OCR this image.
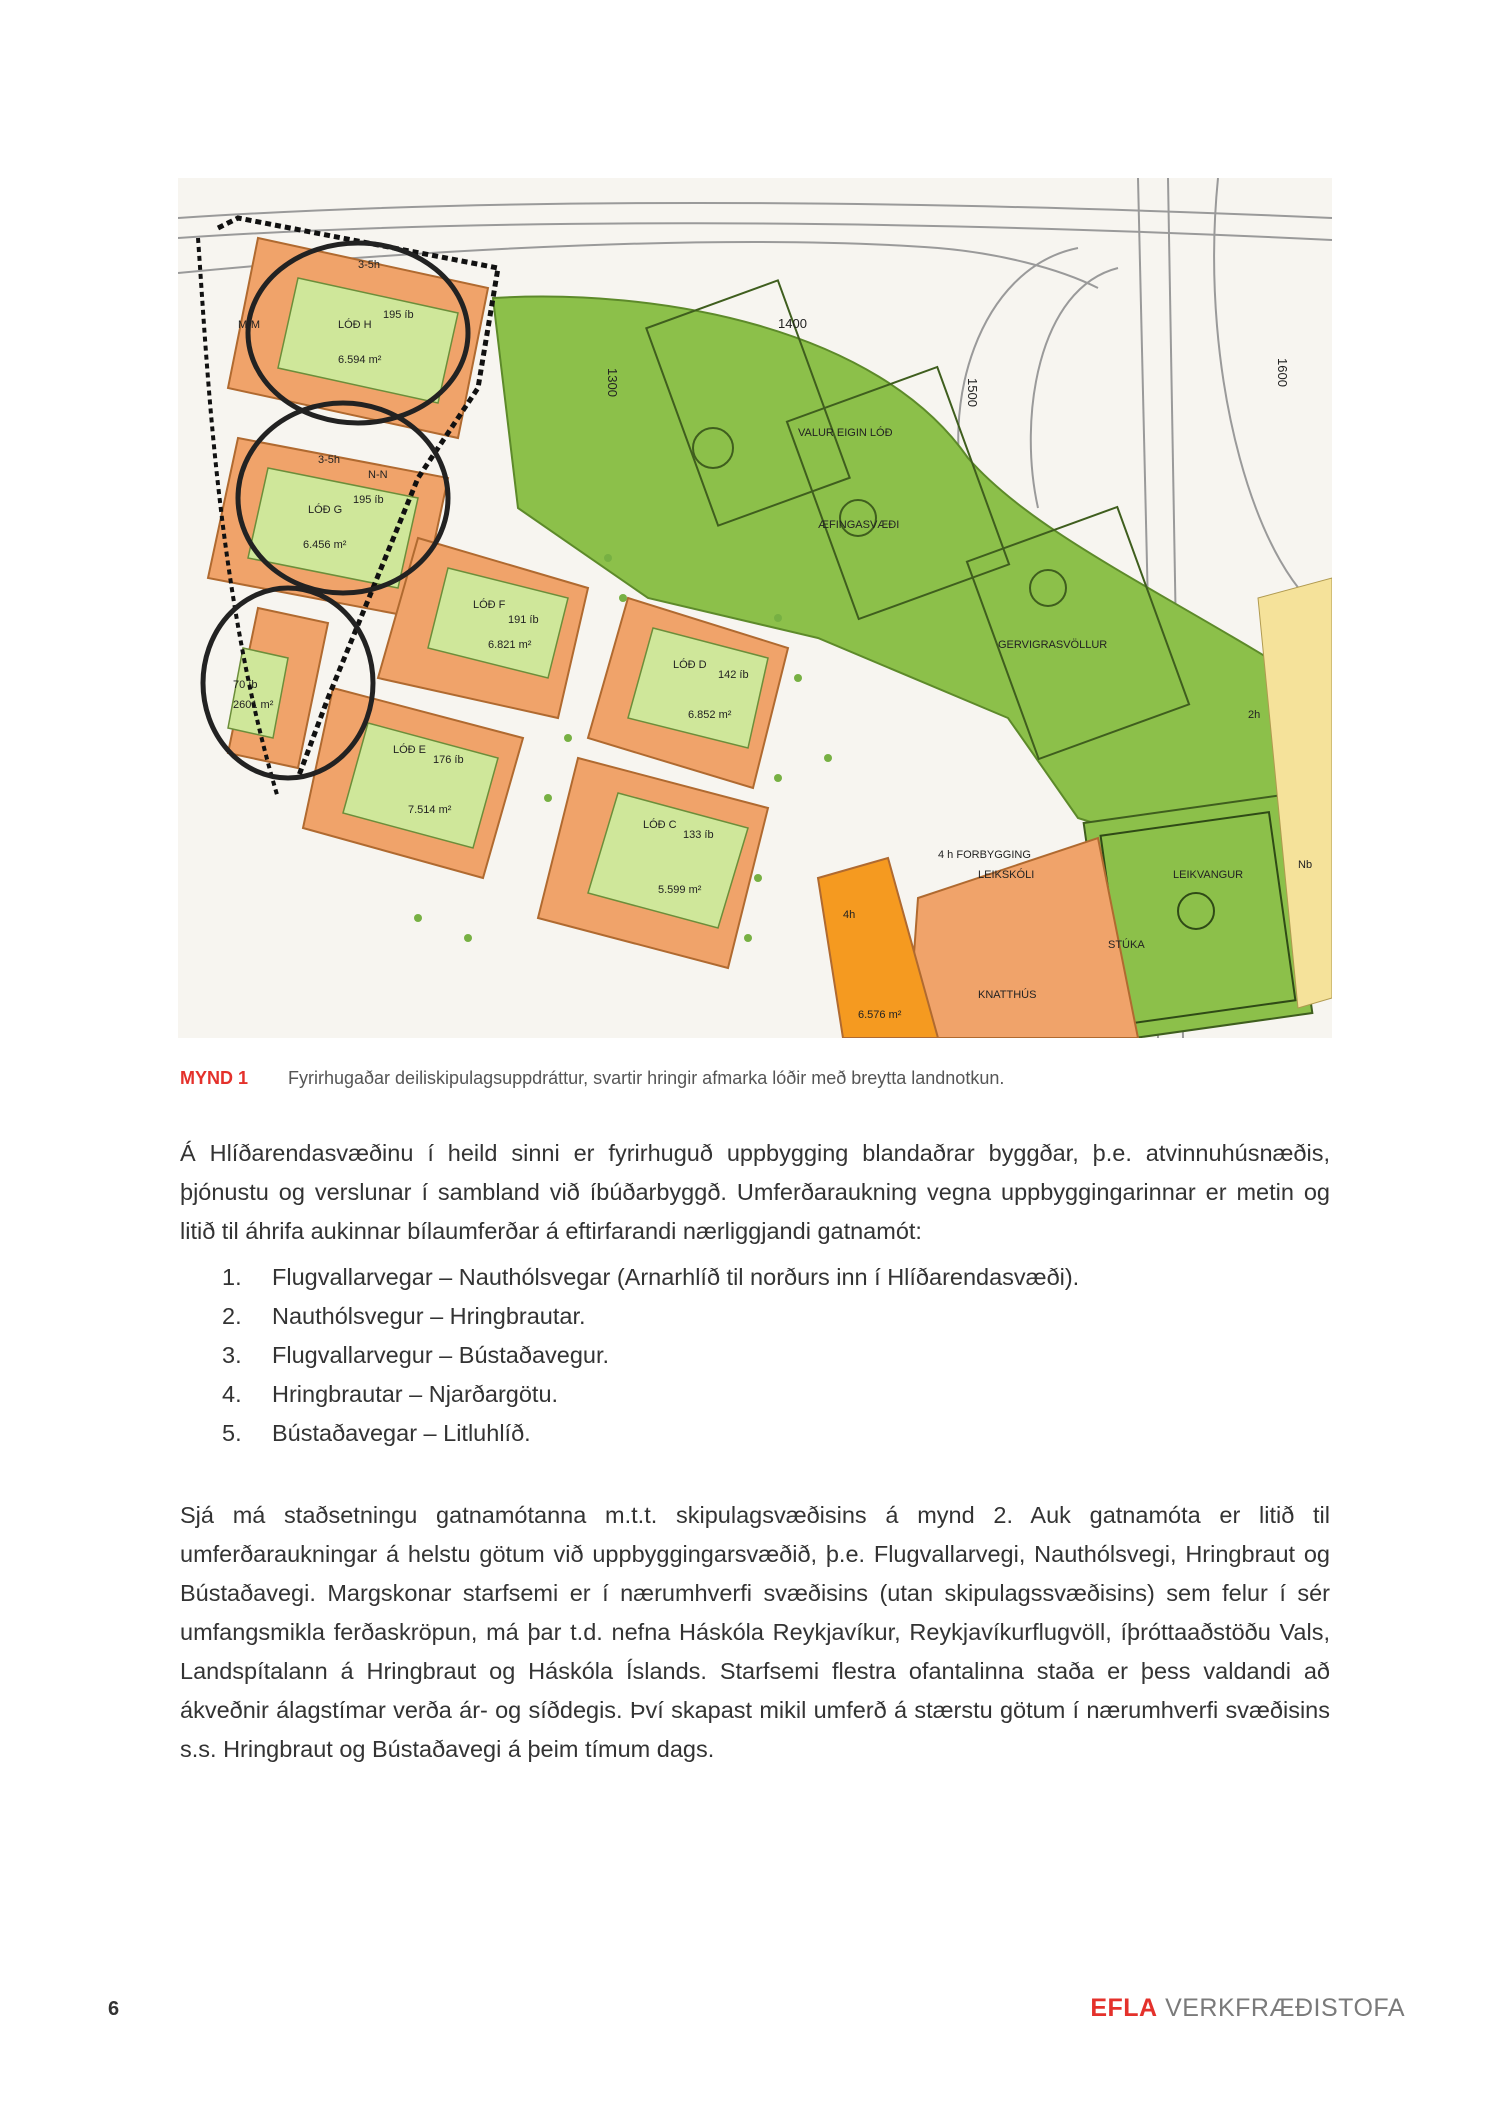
LÓÐ H
195 íb
3-5h
6.594 m²
LÓÐ G
195 íb
3-5h
6.456 m²
LÓÐ F
191 íb
6.821 m²
LÓÐ D
142 íb
6.852 m²
LÓÐ E
176 íb
7.514 m²
LÓÐ C
133 íb
5.599 m²
70 íb
2601 m²
1500
1400
1300	1600
VALUR EIGIN LÓÐ
ÆFINGASVÆÐI
GERVIGRASVÖLLUR
LEIKVANGUR
LEIKSKÓLI
4 h FORBYGGING
STÚKA
KNATTHÚS
4h
2h
Nb
6.576 m²
M-M
N-N
MYND 1 Fyrirhugaðar deiliskipulagsuppdráttur, svartir hringir afmarka lóðir með breytta landnotkun.

Á Hlíðarendasvæðinu í heild sinni er fyrirhuguð uppbygging blandaðrar byggðar, þ.e. atvinnuhúsnæðis, þjónustu og verslunar í sambland við íbúðarbyggð. Umferðaraukning vegna uppbyggingarinnar er metin og litið til áhrifa aukinnar bílaumferðar á eftirfarandi nærliggjandi gatnamót:

1. Flugvallarvegar – Nauthólsvegar (Arnarhlíð til norðurs inn í Hlíðarendasvæði).
2. Nauthólsvegur – Hringbrautar.
3. Flugvallarvegur – Bústaðavegur.
4. Hringbrautar – Njarðargötu.
5. Bústaðavegar – Litluhlíð.

Sjá má staðsetningu gatnamótanna m.t.t. skipulagsvæðisins á mynd 2. Auk gatnamóta er litið til umferðaraukningar á helstu götum við uppbyggingarsvæðið, þ.e. Flugvallarvegi, Nauthólsvegi, Hringbraut og Bústaðavegi. Margskonar starfsemi er í nærumhverfi svæðisins (utan skipulagssvæðisins) sem felur í sér umfangsmikla ferðaskröpun, má þar t.d. nefna Háskóla Reykjavíkur, Reykjavíkurflugvöll, íþróttaaðstöðu Vals, Landspítalann á Hringbraut og Háskóla Íslands. Starfsemi flestra ofantalinna staða er þess valdandi að ákveðnir álagstímar verða ár- og síðdegis. Því skapast mikil umferð á stærstu götum í nærumhverfi svæðisins s.s. Hringbraut og Bústaðavegi á þeim tímum dags.

6	EFLA VERKFRÆÐISTOFA
